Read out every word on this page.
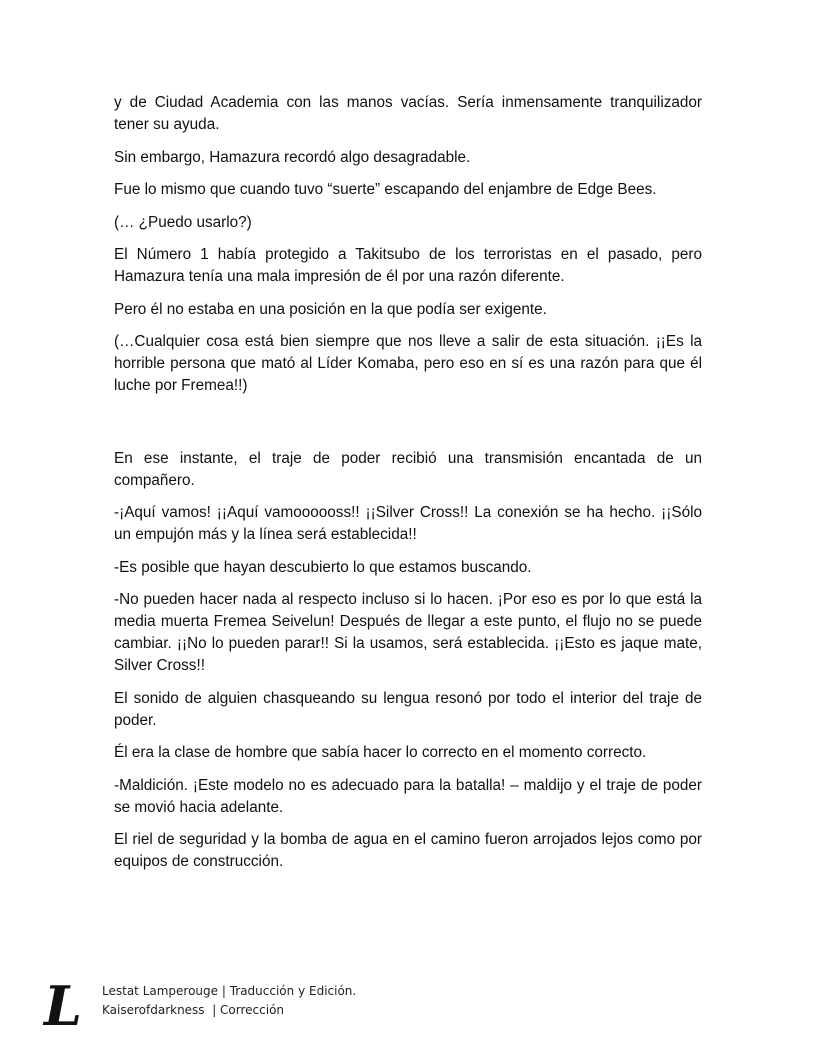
y de Ciudad Academia con las manos vacías. Sería inmensamente tranquilizador tener su ayuda.

Sin embargo, Hamazura recordó algo desagradable.

Fue lo mismo que cuando tuvo “suerte” escapando del enjambre de Edge Bees.

(… ¿Puedo usarlo?)

El Número 1 había protegido a Takitsubo de los terroristas en el pasado, pero Hamazura tenía una mala impresión de él por una razón diferente.

Pero él no estaba en una posición en la que podía ser exigente.

(…Cualquier cosa está bien siempre que nos lleve a salir de esta situación. ¡¡Es la horrible persona que mató al Líder Komaba, pero eso en sí es una razón para que él luche por Fremea!!)

En ese instante, el traje de poder recibió una transmisión encantada de un compañero.

-¡Aquí vamos! ¡¡Aquí vamoooooss!! ¡¡Silver Cross!! La conexión se ha hecho. ¡¡Sólo un empujón más y la línea será establecida!!

-Es posible que hayan descubierto lo que estamos buscando.

-No pueden hacer nada al respecto incluso si lo hacen. ¡Por eso es por lo que está la media muerta Fremea Seivelun! Después de llegar a este punto, el flujo no se puede cambiar. ¡¡No lo pueden parar!! Si la usamos, será establecida. ¡¡Esto es jaque mate, Silver Cross!!

El sonido de alguien chasqueando su lengua resonó por todo el interior del traje de poder.

Él era la clase de hombre que sabía hacer lo correcto en el momento correcto.

-Maldición. ¡Este modelo no es adecuado para la batalla! – maldijo y el traje de poder se movió hacia adelante.

El riel de seguridad y la bomba de agua en el camino fueron arrojados lejos como por equipos de construcción.

L	Lestat Lamperouge | Traducción y Edición.
Kaiserofdarkness  | Corrección
